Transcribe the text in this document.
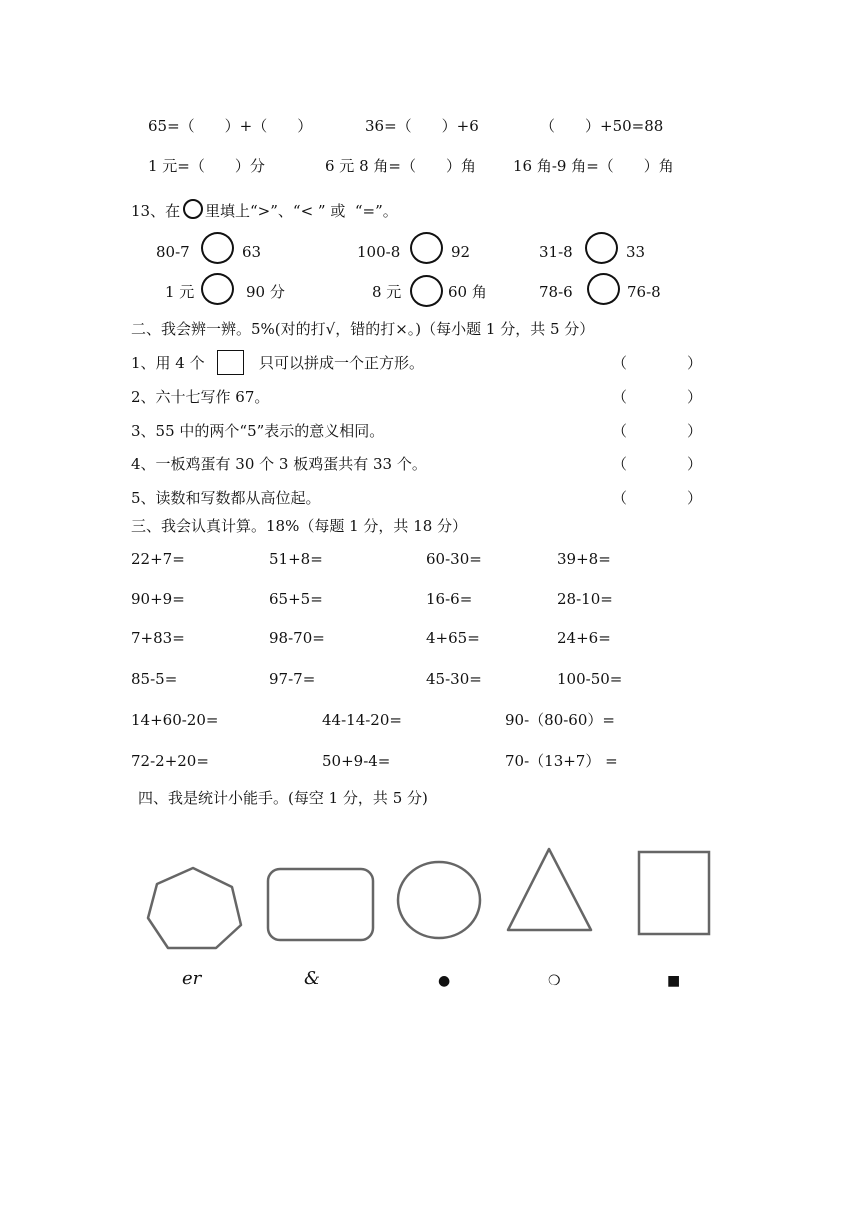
65=（　　）+（　　）	36=（　　）+6	（　　）+50=88
1 元=（　　）分	6 元 8 角=（　　）角 16 角-9 角=（　　）角
13、在 里填上“>”、“< ” 或  “=”。
80-7	63	100-8	92	31-8	33
1 元	90 分	8 元	60 角	78-6	76-8
二、我会辨一辨。5%(对的打√，错的打×。)（每小题 1 分，共 5 分）
1、用 4 个	只可以拼成一个正方形。	（　　　　）
2、六十七写作 67。	（　　　　）
3、55 中的两个“5”表示的意义相同。	（　　　　）
4、一板鸡蛋有 30 个 3 板鸡蛋共有 33 个。	（　　　　）
5、读数和写数都从高位起。	（　　　　）
三、我会认真计算。18%（每题 1 分，共 18 分）
22+7=	51+8=	60-30=	39+8=
90+9=	65+5=	16-6=	28-10=
7+83=	98-70=	4+65=	24+6=
85-5=	97-7=	45-30=	100-50=
14+60-20=	44-14-20=	90-（80-60）=
72-2+20=	50+9-4=	70-（13+7） =
四、我是统计小能手。(每空 1 分，共 5 分)
er	&	●	❍	■
